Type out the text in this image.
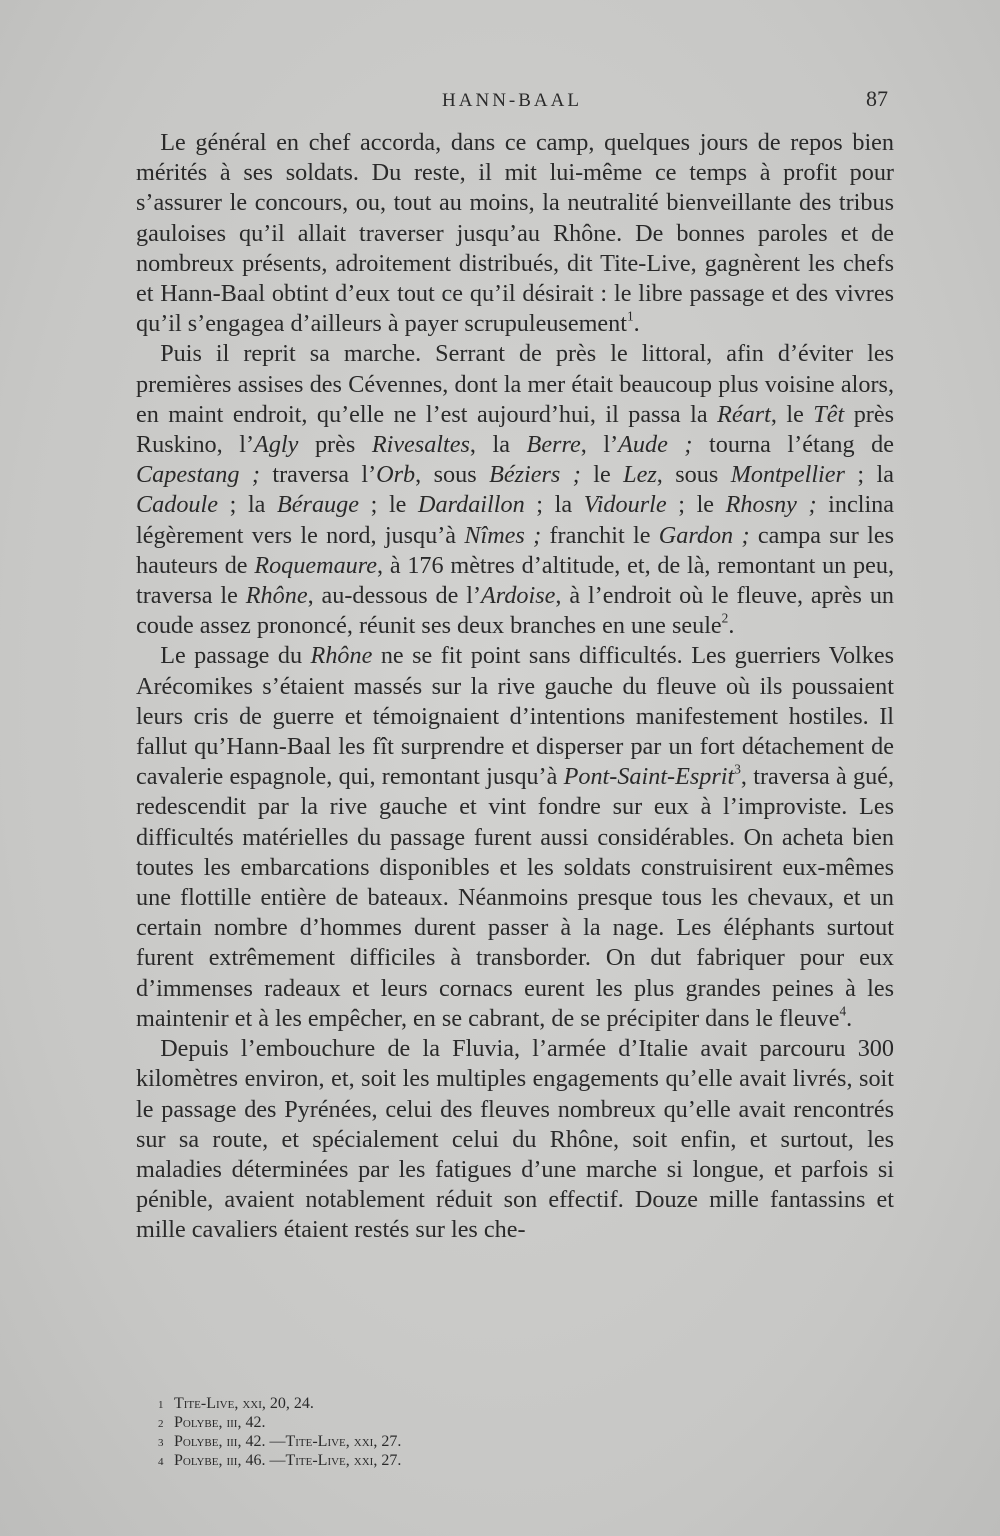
HANN-BAAL	87

Le général en chef accorda, dans ce camp, quelques jours de repos bien mérités à ses soldats. Du reste, il mit lui-même ce temps à profit pour s’assurer le concours, ou, tout au moins, la neutralité bienveillante des tribus gauloises qu’il allait traverser jusqu’au Rhône. De bonnes paroles et de nombreux présents, adroitement distribués, dit Tite-Live, gagnèrent les chefs et Hann-Baal obtint d’eux tout ce qu’il désirait : le libre passage et des vivres qu’il s’engagea d’ailleurs à payer scrupuleusement$^1$.

Puis il reprit sa marche. Serrant de près le littoral, afin d’éviter les premières assises des Cévennes, dont la mer était beaucoup plus voisine alors, en maint endroit, qu’elle ne l’est aujourd’hui, il passa la Réart, le Têt près Ruskino, l’Agly près Rivesaltes, la Berre, l’Aude ; tourna l’étang de Capestang ; traversa l’Orb, sous Béziers ; le Lez, sous Montpellier ; la Cadoule ; la Bérauge ; le Dardaillon ; la Vidourle ; le Rhosny ; inclina légèrement vers le nord, jusqu’à Nîmes ; franchit le Gardon ; campa sur les hauteurs de Roquemaure, à 176 mètres d’altitude, et, de là, remontant un peu, traversa le Rhône, au-dessous de l’Ardoise, à l’endroit où le fleuve, après un coude assez prononcé, réunit ses deux branches en une seule$^2$.

Le passage du Rhône ne se fit point sans difficultés. Les guerriers Volkes Arécomikes s’étaient massés sur la rive gauche du fleuve où ils poussaient leurs cris de guerre et témoignaient d’intentions manifestement hostiles. Il fallut qu’Hann-Baal les fît surprendre et disperser par un fort détachement de cavalerie espagnole, qui, remontant jusqu’à Pont-Saint-Esprit$^3$, traversa à gué, redescendit par la rive gauche et vint fondre sur eux à l’improviste. Les difficultés matérielles du passage furent aussi considérables. On acheta bien toutes les embarcations disponibles et les soldats construisirent eux-mêmes une flottille entière de bateaux. Néanmoins presque tous les chevaux, et un certain nombre d’hommes durent passer à la nage. Les éléphants surtout furent extrêmement difficiles à transborder. On dut fabriquer pour eux d’immenses radeaux et leurs cornacs eurent les plus grandes peines à les maintenir et à les empêcher, en se cabrant, de se précipiter dans le fleuve$^4$.

Depuis l’embouchure de la Fluvia, l’armée d’Italie avait parcouru 300 kilomètres environ, et, soit les multiples engagements qu’elle avait livrés, soit le passage des Pyrénées, celui des fleuves nombreux qu’elle avait rencontrés sur sa route, et spécialement celui du Rhône, soit enfin, et surtout, les maladies déterminées par les fatigues d’une marche si longue, et parfois si pénible, avaient notablement réduit son effectif. Douze mille fantassins et mille cavaliers étaient restés sur les che-

1 Tite-Live , xxi, 20, 24.
2 Polybe , iii, 42.
3 Polybe , iii, 42. — Tite-Live , xxi, 27.
4 Polybe , iii, 46. — Tite-Live , xxi, 27.
